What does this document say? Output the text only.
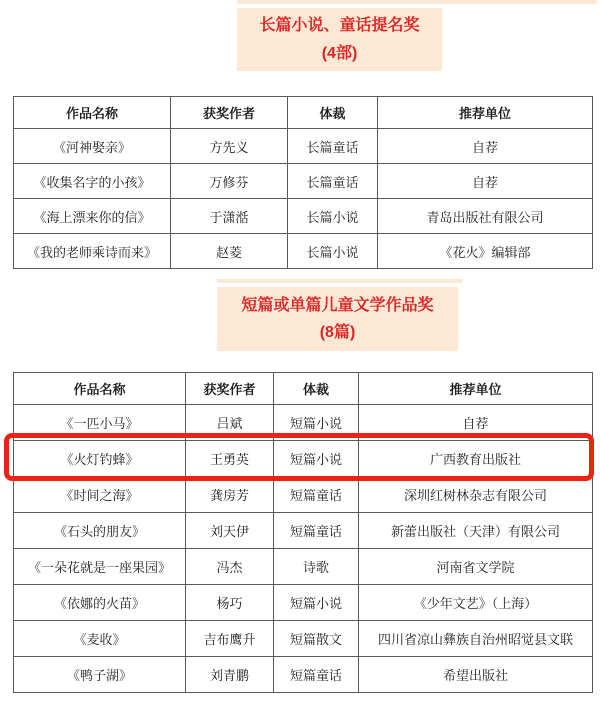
长篇小说、童话提名奖
(4部)
作品名称	获奖作者	体裁	推荐单位
《河神娶亲》	方先义	长篇童话	自荐
《收集名字的小孩》	万修芬	长篇童话	自荐
《海上漂来你的信》	于潇湉	长篇小说	青岛出版社有限公司
《我的老师乘诗而来》	赵菱	长篇小说	《花火》编辑部
短篇或单篇儿童文学作品奖
(8篇)
作品名称	获奖作者	体裁	推荐单位
《一匹小马》	吕斌	短篇小说	自荐
《火灯钓蜂》	王勇英	短篇小说	广西教育出版社
《时间之海》	龚房芳	短篇童话	深圳红树林杂志有限公司
《石头的朋友》	刘天伊	短篇童话	新蕾出版社（天津）有限公司
《一朵花就是一座果园》	冯杰	诗歌	河南省文学院
《依娜的火苗》	杨巧	短篇小说	《少年文艺》（上海）
《麦收》	吉布鹰升	短篇散文	四川省凉山彝族自治州昭觉县文联
《鸭子湖》	刘青鹏	短篇童话	希望出版社
